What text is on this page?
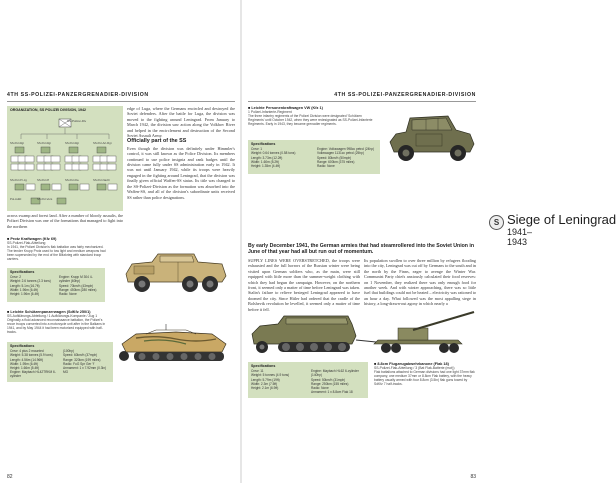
4TH SS-POLIZEI-PANZERGRENADIER-DIVISION
ORGANIZATION, SS POLIZEI DIVISION, 1942
SS-Polizei-Div
SS-Pol-Rgt	SS-Pol-Rgt	SS-Pol-Rgt	SS-Pol-Art-Rgt
SS-Pol-Pz-Jg	SS-Pol-Pi	SS-Pol-Fla	SS-Pol-Nachr
Pol-Aufkl	SS-Pol-Vers
edge of Luga, where the Germans encircled and destroyed the Soviet defenders. After the battle for Luga, the division was moved to the fighting around Leningrad. From January to March 1942, the division saw action along the Volkhov River and helped in the encirclement and destruction of the Second Soviet Assault Army.
Officially part of the SS
Even though the division was definitely under Himmler's control, it was still known as the Police Division. Its members continued to use police insignia and rank badges until the division came fully under SS administration early in 1942. It was not until January 1942, while its troops were heavily engaged in the fighting around Leningrad, that the division was finally given official Waffen-SS status. Its title was changed to the SS-Polizei-Division as the formation was absorbed into the Waffen-SS, and all of the division's subordinate units received SS rather than police designations.
across swamp and forest land. After a number of bloody assaults, the Polizei Division was one of the formations that managed to fight into the northern
■ Protz Kraftwagen (Kfz 69)
SS-Polizei-Flak-Abteilung
In 1941, the Polizei Division's flak battalion was fairly mechanized. The tender Krupp Protz used to tow light and medium weapons had been superseded by the end of the Blitzkrieg with standard troop carriers.
Specifications
Crew: 2
Weight: 2.6 tonnes (2.3 tons)
Length: 5.1m (16.7ft)
Width: 1.96m (6.4ft)
Height: 1.96m (6.4ft)
Engine: Krupp M 304 4-cylinder (60hp)
Speed: 70km/h (43mph)
Range: 450km (280 miles)
Radio: None
■ Leichte Schützenpanzerwagen (SdKfz 250/1)
SS-Aufklärungs-Abteilung / 1 Aufklärungs-Kompanie / Zug 1
Originally a fluid advanced reconnaissance battalion, the Polizei's recce troops converted into a motorcycle unit after in the Balkans in 1941, and by May 1944 it had been motorized equipped with half-tracks.
Specifications
Crew: 4 plus 2 mounted
Weight: 5.38 tonnes (5.9 tons)
Length: 4.56m (14.96ft)
Width: 1.95m (6.4ft)
Height: 1.66m (5.4ft)
Engine: Maybach HL42TRKM 6-cylinder
(100hp)
Speed: 60km/h (37mph)
Range: 320km (199 miles)
Radio: FuG Spr Ger 'f'
Armament: 1 x 7.92mm (0.3in) MG
82
4TH SS-POLIZEI-PANZERGRENADIER-DIVISION
■ Leichte Personenkraftwagen VW (Kfz 1)
1 Polizei-Infanterie-Regiment
The three infantry regiments of the Polizei Division were designated 'Schützen Regiments' until October 1942, when they were redesignated as SS-Polizei-Infanterie Regiments. Early in 1943, they became grenadier regiments.
Specifications
Crew: 1
Weight: 0.64 tonnes (0.58 tons)
Length: 3.73m (12.2ft)
Width: 1.60m (5.2ft)
Height: 1.35m (4.4ft)
Engine: Volkswagen 998cc petrol (24hp)
Volkswagen 1131cc petrol (25hp)
Speed: 80km/h (50mph)
Range: 600km (375 miles)
Radio: None
S Siege of Leningrad
1941–1943
By early December 1941, the German armies that had steamrollered into the Soviet Union in June of that year had all but run out of momentum.
SUPPLY LINES WERE OVERSTRETCHED, the troops were exhausted and the full horrors of the Russian winter were being visited upon German soldiers who, as the main, were still equipped with little more than the summer-weight clothing with which they had begun the campaign. However, on the northern front, it seemed only a matter of time before Leningrad was taken. Stalin's failure to relieve besieged Leningrad appeared to have doomed the city. Since Hitler had ordered that the cradle of the Bolshevik revolution be levelled, it seemed only a matter of time before it fell.
Its population swollen to over three million by refugees flooding into the city, Leningrad was cut off by Germans to the south and in the north by the Finns, eager to avenge the Winter War. Communist Party chiefs anxiously calculated their food reserves: on 1 November, they realized there was only enough food for another week. And with winter approaching, there was so little fuel that buildings could not be heated – electricity was rationed to an hour a day. What followed was the most appalling siege in history, a long-drawn-out agony in which nearly a
Specifications
Crew: 11
Weight: 5 tonnes (4.9 tons)
Length: 5.79m (19ft)
Width: 2.3m (7.5ft)
Height: 2.1m (6.9ft)
Engine: Maybach HL62 6-cylinder (140hp)
Speed: 50km/h (31mph)
Range: 250km (155 miles)
Radio: None
Armament: 1 x 8.8cm Flak 18
■ 8.8cm Flugzeugabwehrkanone (Flak 18)
SS-Polizei-Flak-Abteilung / 3 (Bat Flak-Batterie (mot))
Flak battalions attached to German divisions had one light 37mm flak company, one medium 37mm or 8.8cm Flak battery, with the heavy battery usually armed with four 8.8cm (3.5in) flak guns towed by SdKfz 7 half-tracks.
83
